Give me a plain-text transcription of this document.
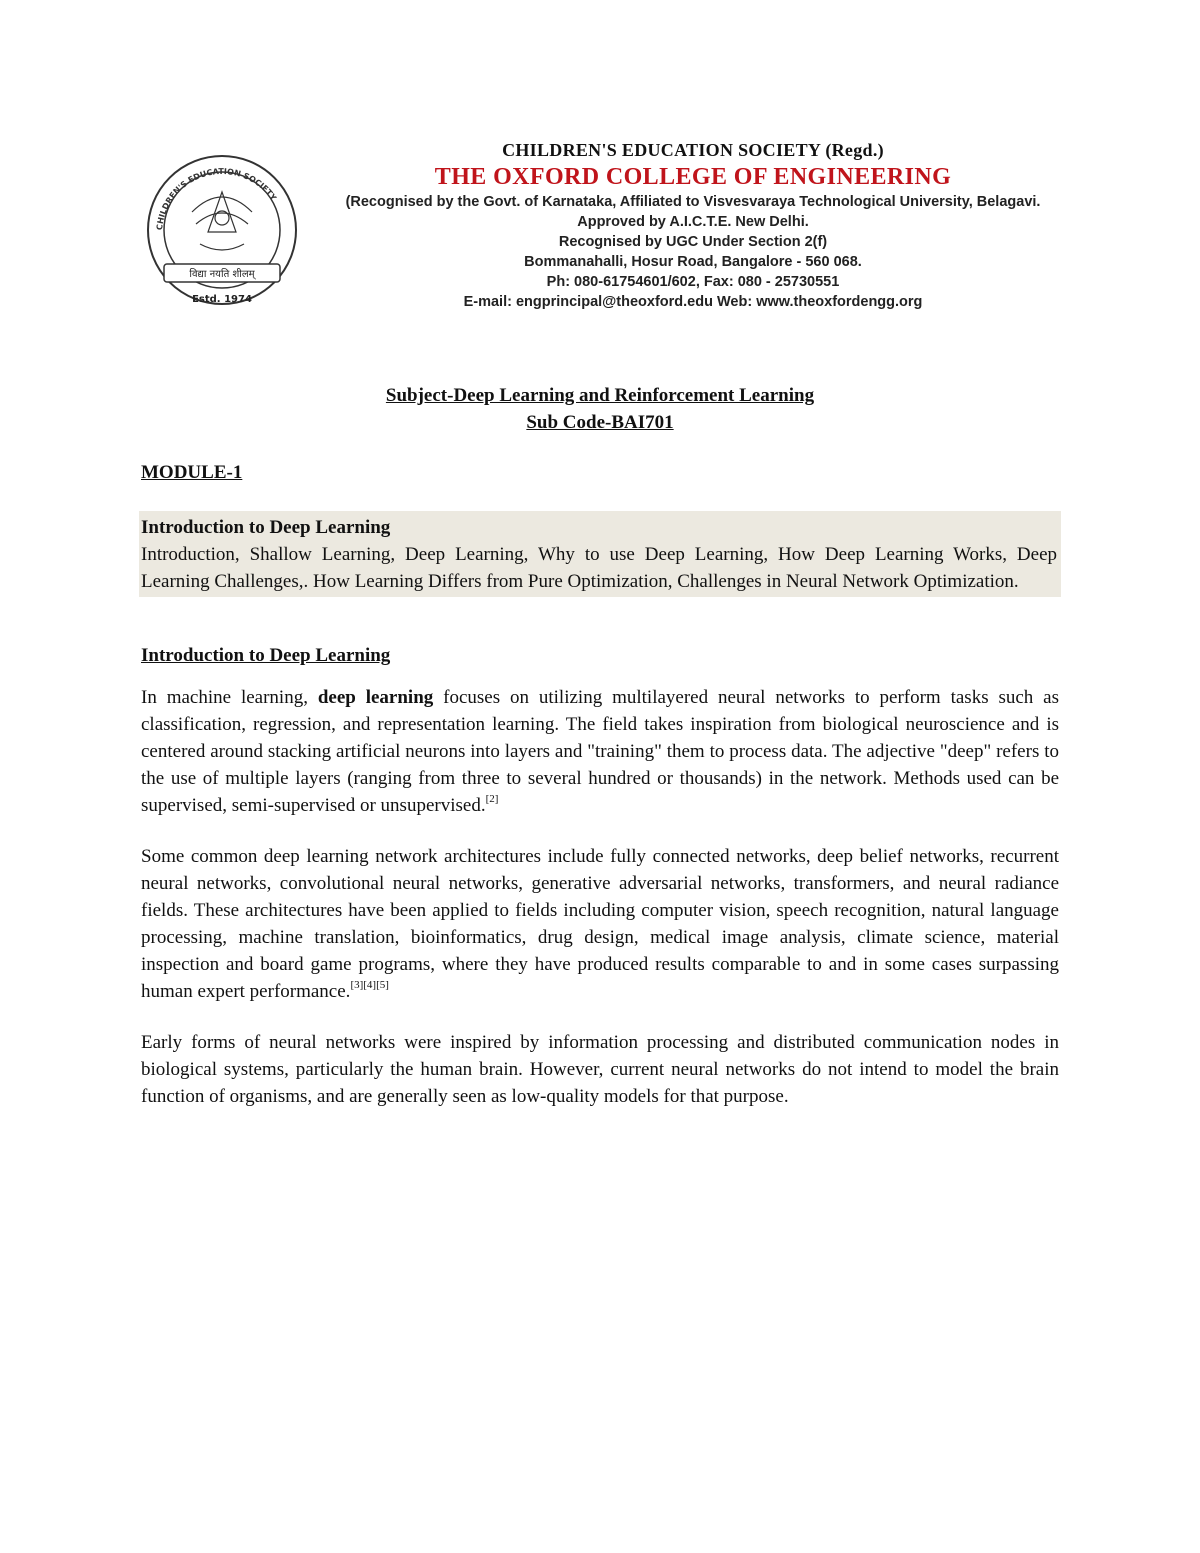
CHILDREN'S EDUCATION SOCIETY
विद्या नयति शीलम्
Estd. 1974
CHILDREN'S EDUCATION SOCIETY (Regd.)
THE OXFORD COLLEGE OF ENGINEERING
(Recognised by the Govt. of Karnataka, Affiliated to Visvesvaraya Technological University, Belagavi.
Approved by A.I.C.T.E. New Delhi.
Recognised by UGC Under Section 2(f)
Bommanahalli, Hosur Road, Bangalore - 560 068.
Ph: 080-61754601/602, Fax: 080 - 25730551
E-mail: engprincipal@theoxford.edu Web: www.theoxfordengg.org
Subject-Deep Learning and Reinforcement Learning
Sub Code-BAI701
MODULE-1
Introduction to Deep Learning
Introduction, Shallow Learning, Deep Learning, Why to use Deep Learning, How Deep Learning Works, Deep Learning Challenges,. How Learning Differs from Pure Optimization, Challenges in Neural Network Optimization.
Introduction to Deep Learning

In machine learning, deep learning focuses on utilizing multilayered neural networks to perform tasks such as classification, regression, and representation learning. The field takes inspiration from biological neuroscience and is centered around stacking artificial neurons into layers and "training" them to process data. The adjective "deep" refers to the use of multiple layers (ranging from three to several hundred or thousands) in the network. Methods used can be supervised, semi-supervised or unsupervised.[2]

Some common deep learning network architectures include fully connected networks, deep belief networks, recurrent neural networks, convolutional neural networks, generative adversarial networks, transformers, and neural radiance fields. These architectures have been applied to fields including computer vision, speech recognition, natural language processing, machine translation, bioinformatics, drug design, medical image analysis, climate science, material inspection and board game programs, where they have produced results comparable to and in some cases surpassing human expert performance.[3][4][5]

Early forms of neural networks were inspired by information processing and distributed communication nodes in biological systems, particularly the human brain. However, current neural networks do not intend to model the brain function of organisms, and are generally seen as low-quality models for that purpose.
